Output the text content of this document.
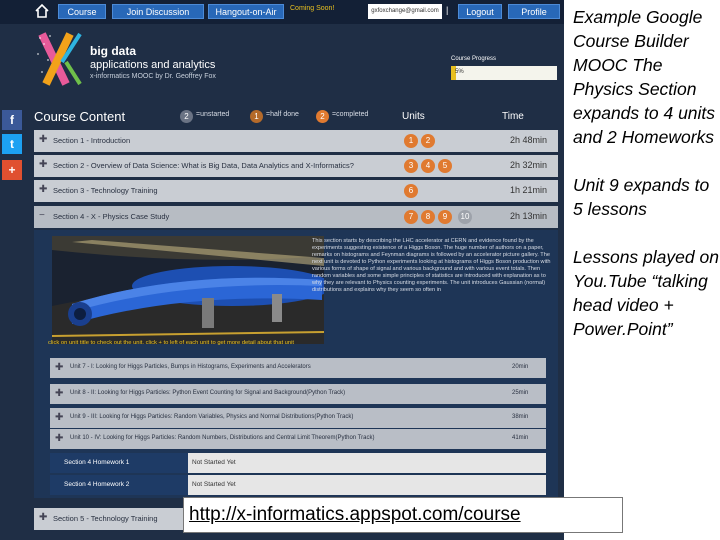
Course	Join Discussion	Hangout-on-Air	Coming Soon!	gxfoxchange@gmail.com |	Logout	Profile
big data
applications and analytics
x-informatics MOOC by Dr. Geoffrey Fox
Course Progress
5%
f
t
+
Course Content	2	=unstarted	1	=half done	2	=completed	Units	Time
✚ Section 1 - Introduction	1	2	2h 48min
✚ Section 2 - Overview of Data Science: What is Big Data, Data Analytics and X-Informatics?	3	4	5	2h 32min
✚ Section 3 - Technology Training	6	1h 21min
− Section 4 - X - Physics Case Study	7	8	9	10	2h 13min
This section starts by describing the LHC accelerator at CERN and evidence found by the experiments suggesting existence of a Higgs Boson. The huge number of authors on a paper, remarks on histograms and Feynman diagrams is followed by an accelerator picture gallery. The next unit is devoted to Python experiments looking at histograms of Higgs Boson production with various forms of shape of signal and various background and with various event totals. Then random variables and some simple principles of statistics are introduced with explanation as to why they are relevant to Physics counting experiments. The unit introduces Gaussian (normal) distributions and explains why they seem so often in
click on unit title to check out the unit. click + to left of each unit to get more detail about that unit
✚ Unit 7 - I: Looking for Higgs Particles, Bumps in Histograms, Experiments and Accelerators	20min
✚ Unit 8 - II: Looking for Higgs Particles: Python Event Counting for Signal and Background(Python Track)	25min
✚ Unit 9 - III: Looking for Higgs Particles: Random Variables, Physics and Normal Distributions(Python Track)	38min
✚ Unit 10 - IV: Looking for Higgs Particles: Random Numbers, Distributions and Central Limit Theorem(Python Track)	41min
Section 4 Homework 1	Not Started Yet
Section 4 Homework 2	Not Started Yet
✚ Section 5 - Technology Training	http://x-informatics.appspot.com/course

Example Google Course Builder MOOC The Physics Section expands to 4 units and 2 Homeworks

Unit 9 expands to 5 lessons

Lessons played on You.Tube “talking head video + Power.Point”
